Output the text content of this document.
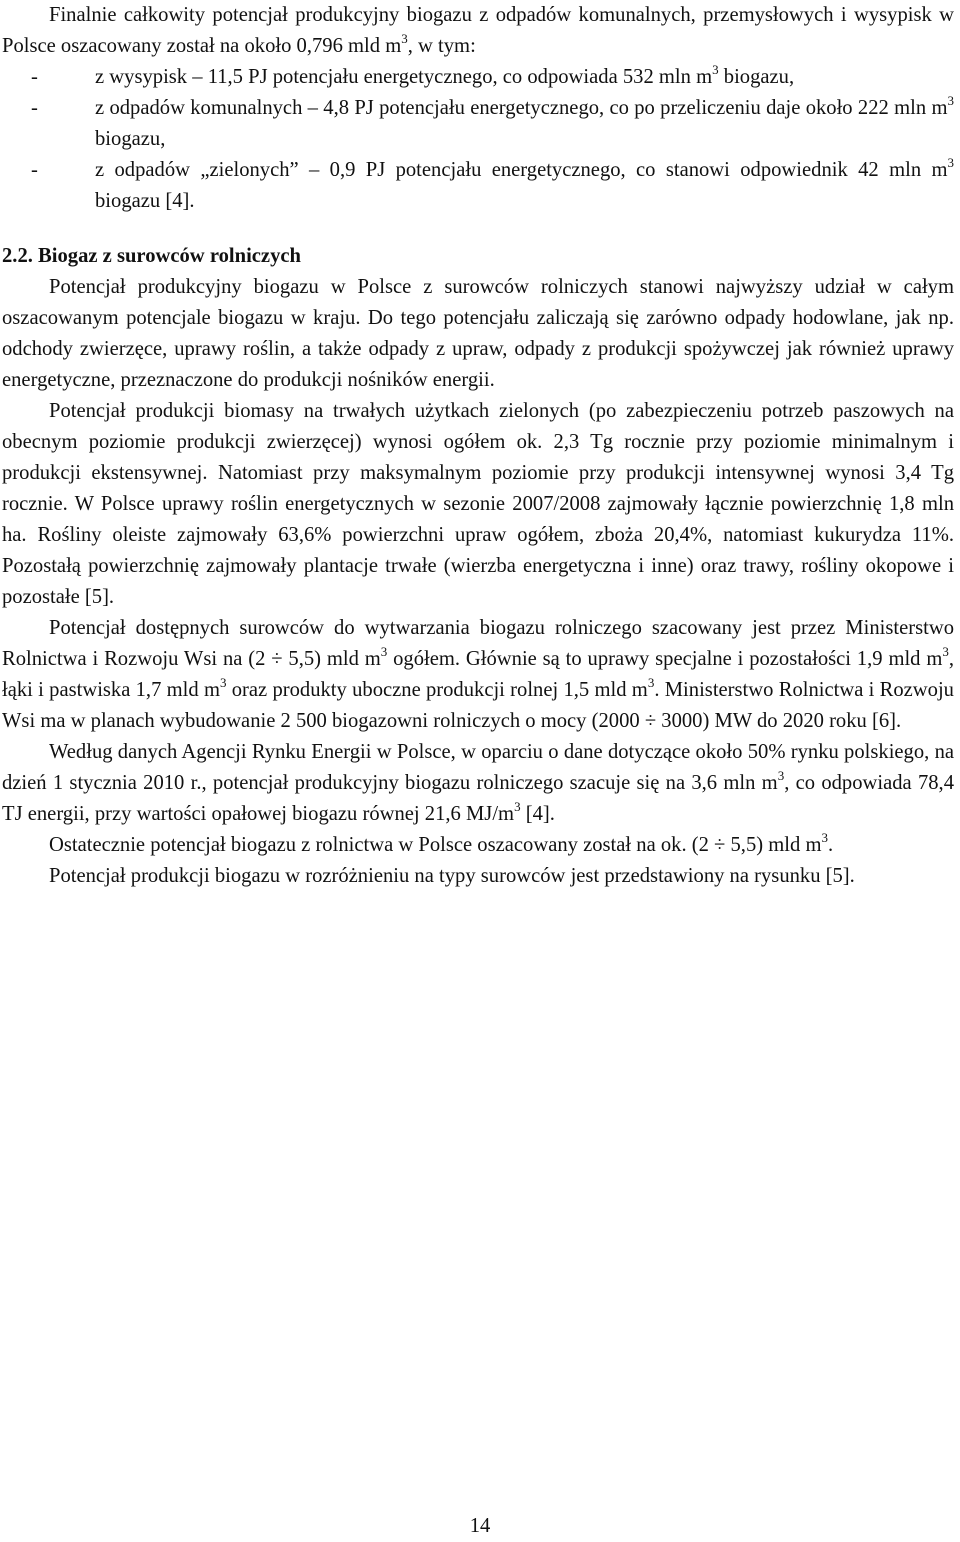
Finalnie całkowity potencjał produkcyjny biogazu z odpadów komunalnych, przemysłowych i wysypisk w Polsce oszacowany został na około 0,796 mld $m^3$, w tym:

-	z wysypisk – 11,5 PJ potencjału energetycznego, co odpowiada 532 mln $m^3$ biogazu,
-	z odpadów komunalnych – 4,8 PJ potencjału energetycznego, co po przeliczeniu daje około 222 mln $m^3$ biogazu,
-	z odpadów „zielonych” – 0,9 PJ potencjału energetycznego, co stanowi odpowiednik 42 mln $m^3$ biogazu [4].

2.2. Biogaz z surowców rolniczych

Potencjał produkcyjny biogazu w Polsce z surowców rolniczych stanowi najwyższy udział w całym oszacowanym potencjale biogazu w kraju. Do tego potencjału zaliczają się zarówno odpady hodowlane, jak np. odchody zwierzęce, uprawy roślin, a także odpady z upraw, odpady z produkcji spożywczej jak również uprawy energetyczne, przeznaczone do produkcji nośników energii.

Potencjał produkcji biomasy na trwałych użytkach zielonych (po zabezpieczeniu potrzeb paszowych na obecnym poziomie produkcji zwierzęcej) wynosi ogółem ok. 2,3 Tg rocznie przy poziomie minimalnym i produkcji ekstensywnej. Natomiast przy maksymalnym poziomie przy produkcji intensywnej wynosi 3,4 Tg rocznie. W Polsce uprawy roślin energetycznych w sezonie 2007/2008 zajmowały łącznie powierzchnię 1,8 mln ha. Rośliny oleiste zajmowały 63,6% powierzchni upraw ogółem, zboża 20,4%, natomiast kukurydza 11%. Pozostałą powierzchnię zajmowały plantacje trwałe (wierzba energetyczna i inne) oraz trawy, rośliny okopowe i pozostałe [5].

Potencjał dostępnych surowców do wytwarzania biogazu rolniczego szacowany jest przez Ministerstwo Rolnictwa i Rozwoju Wsi na (2 ÷ 5,5) mld $m^3$ ogółem. Głównie są to uprawy specjalne i pozostałości 1,9 mld $m^3$, łąki i pastwiska 1,7 mld $m^3$ oraz produkty uboczne produkcji rolnej 1,5 mld $m^3$. Ministerstwo Rolnictwa i Rozwoju Wsi ma w planach wybudowanie 2 500 biogazowni rolniczych o mocy (2000 ÷ 3000) MW do 2020 roku [6].

Według danych Agencji Rynku Energii w Polsce, w oparciu o dane dotyczące około 50% rynku polskiego, na dzień 1 stycznia 2010 r., potencjał produkcyjny biogazu rolniczego szacuje się na 3,6 mln $m^3$, co odpowiada 78,4 TJ energii, przy wartości opałowej biogazu równej 21,6 $MJ/m^3$ [4].

Ostatecznie potencjał biogazu z rolnictwa w Polsce oszacowany został na ok. (2 ÷ 5,5) mld $m^3$.

Potencjał produkcji biogazu w rozróżnieniu na typy surowców jest przedstawiony na rysunku [5].

14
